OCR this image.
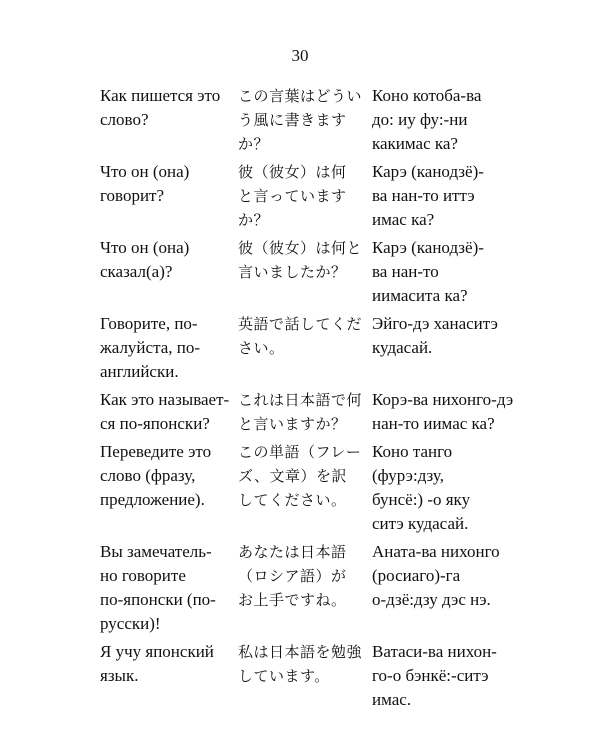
30
Как пишется это
слово?
この言葉はどうい
う風に書きます
か？
Коно котоба-ва
до: иу фу:-ни
какимас ка?
Что он (она)
говорит?
彼（彼女）は何
と言っています
か？
Карэ (канодзё)-
ва нан-то иттэ
имас ка?
Что он (она)
сказал(а)?
彼（彼女）は何と
言いましたか？
Карэ (канодзё)-
ва нан-то
иимасита ка?
Говорите, по-
жалуйста, по-
английски.
英語で話してくだ
さい。
Эйго-дэ ханаситэ
кудасай.
Как это называет-
ся по-японски?
これは日本語で何
と言いますか？
Корэ-ва нихонго-дэ
нан-то иимас ка?
Переведите это
слово (фразу,
предложение).
この単語（フレー
ズ、文章）を訳
してください。
Коно танго
(фурэ:дзу,
бунсё:) -о яку
ситэ кудасай.
Вы замечатель-
но говорите
по-японски (по-
русски)!
あなたは日本語
（ロシア語）が
お上手ですね。
Аната-ва нихонго
(росиаго)-га
о-дзё:дзу дэс нэ.
Я учу японский
язык.
私は日本語を勉強
しています。
Ватаси-ва нихон-
го-о бэнкё:-ситэ
имас.
